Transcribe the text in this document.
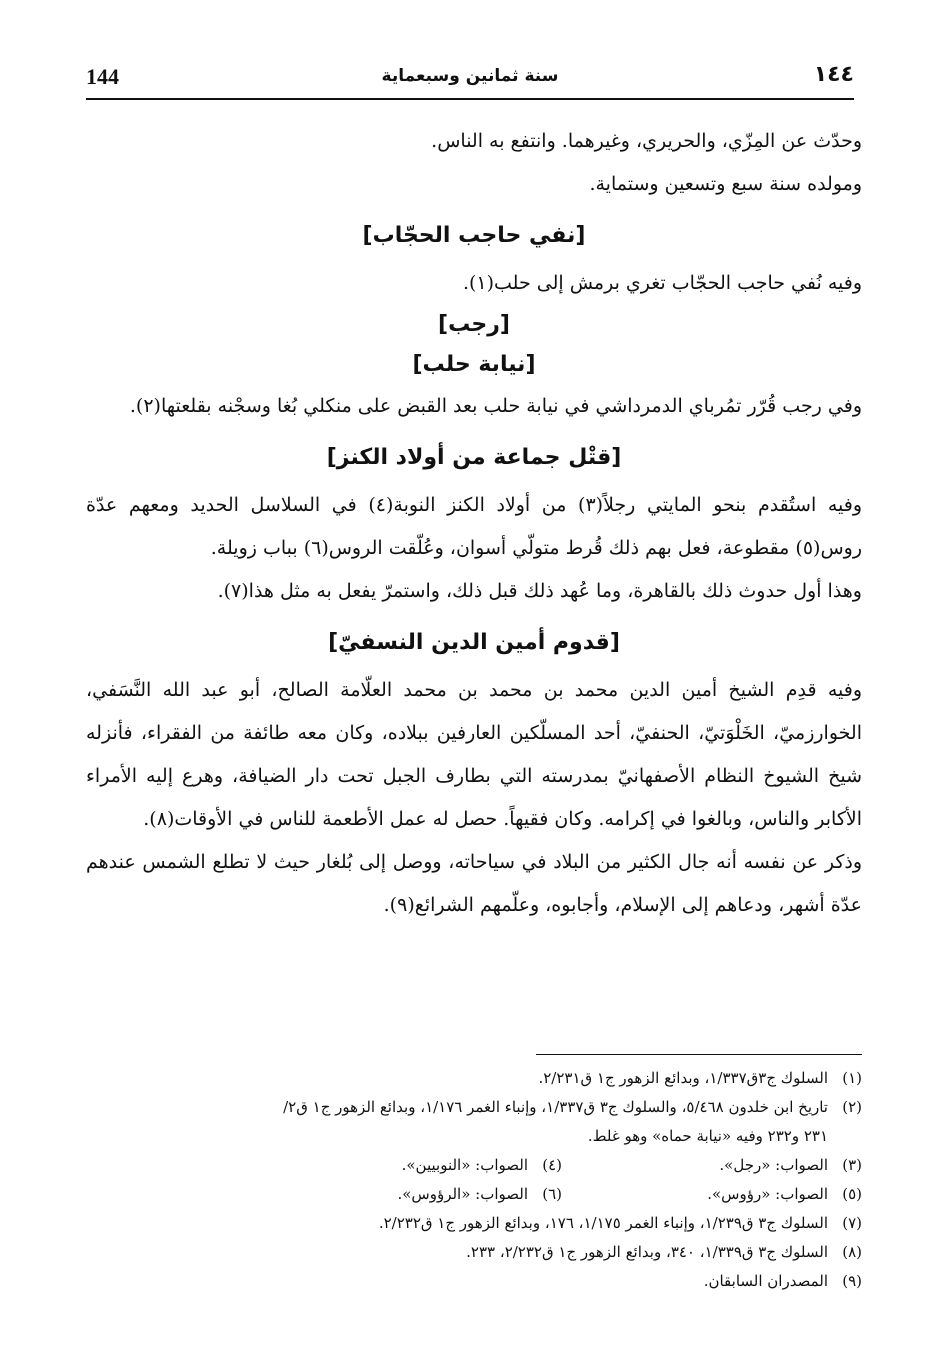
144	سنة ثمانين وسبعماية	١٤٤

وحدّث عن المِزّي، والحريري، وغيرهما. وانتفع به الناس.

ومولده سنة سبع وتسعين وستماية.

[نفي حاجب الحجّاب]

وفيه نُفي حاجب الحجّاب تغري برمش إلى حلب(١).

[رجب]
[نيابة حلب]

وفي رجب قُرّر تمُرباي الدمرداشي في نيابة حلب بعد القبض على منكلي بُغا وسجْنه بقلعتها(٢).

[قتْل جماعة من أولاد الكنز]

وفيه استُقدم بنحو المايتي رجلاً(٣) من أولاد الكنز النوبة(٤) في السلاسل الحديد ومعهم عدّة روس(٥) مقطوعة، فعل بهم ذلك قُرط متولّي أسوان، وعُلّقت الروس(٦) بباب زويلة.

وهذا أول حدوث ذلك بالقاهرة، وما عُهد ذلك قبل ذلك، واستمرّ يفعل به مثل هذا(٧).

[قدوم أمين الدين النسفيّ]

وفيه قدِم الشيخ أمين الدين محمد بن محمد بن محمد العلّامة الصالح، أبو عبد الله النَّسَفي، الخوارزميّ، الخَلْوَتيّ، الحنفيّ، أحد المسلّكين العارفين ببلاده، وكان معه طائفة من الفقراء، فأنزله شيخ الشيوخ النظام الأصفهانيّ بمدرسته التي بطارف الجبل تحت دار الضيافة، وهرع إليه الأمراء الأكابر والناس، وبالغوا في إكرامه. وكان فقيهاً. حصل له عمل الأطعمة للناس في الأوقات(٨).

وذكر عن نفسه أنه جال الكثير من البلاد في سياحاته، ووصل إلى بُلغار حيث لا تطلع الشمس عندهم عدّة أشهر، ودعاهم إلى الإسلام، وأجابوه، وعلّمهم الشرائع(٩).

(١)السلوك ج٣ق١/٣٣٧، وبدائع الزهور ج١ ق٢/٢٣١.
(٢)تاريخ ابن خلدون ٥/٤٦٨، والسلوك ج٣ ق١/٣٣٧، وإنباء الغمر ١/١٧٦، وبدائع الزهور ج١ ق٢/
٢٣١ و٢٣٢ وفيه «نيابة حماه» وهو غلط.
(٣)الصواب: «رجل».
(٤)الصواب: «النوبيين».
(٥)الصواب: «رؤوس».
(٦)الصواب: «الرؤوس».
(٧)السلوك ج٣ ق١/٢٣٩، وإنباء الغمر ١/١٧٥، ١٧٦، وبدائع الزهور ج١ ق٢/٢٣٢.
(٨)السلوك ج٣ ق١/٣٣٩، ٣٤٠، وبدائع الزهور ج١ ق٢/٢٣٢، ٢٣٣.
(٩)المصدران السابقان.
